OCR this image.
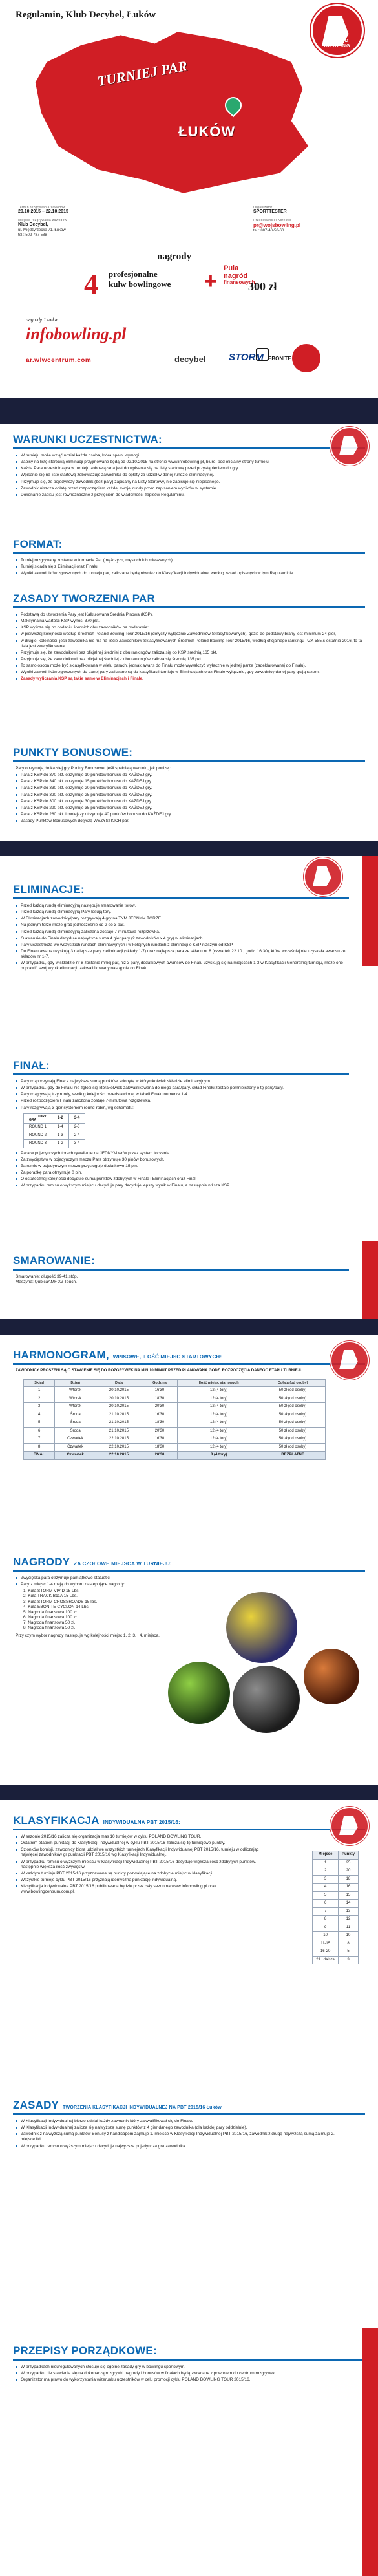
Regulamin, Klub Decybel, Łuków
POLAND BOWLING
TURNIEJ PAR
ŁUKÓW
Termin rozgrywania zawodów
20.10.2015 – 22.10.2015
Miejsce rozgrywania zawodów
Klub Decybel,
ul. Międzyrzecka 71, Łuków
tel.: 502 787 588
Organizator
SPORTTESTER
Przedstawiciel Korektor
pr@wojsbowling.pl
tel.: 887-40-50-60
nagrody
4 profesjonalne
kulw bowlingowe +
Pula
nagród
finansowych
300 zł
nagrody 1 ratka
infobowling.pl
ar.wlwcentrum.com	decybel STORM EBONITE
WARUNKI UCZESTNICTWA:
W turnieju może wziąć udział każda osoba, która spełni wymogi.
Zapisy na listę startową eliminacji przyjmowane będą od 02.10.2015 na stronie www.infobowling.pl, biuro, pod oficjalny strony turnieju.
Każda Para uczestnicząca w turnieju zobowiązana jest do wpisania się na listę startową przed przystąpieniem do gry.
Wpisanie się na listę startową zobowiązuje zawodnika do opłaty za udział w danej rundzie eliminacyjnej.
Przyjmuje się, że pojedynczy zawodnik (bez pary) zapisany na Listy Startowy, nie zapisuje się niepisanego.
Zawodnik uiszcza opłatę przed rozpoczęciem każdej swojej rundy przed zapisaniem wyników w systemie.
Dokonanie zapisu jest równoznaczne z przyjęciem do wiadomości zapisów Regulaminu.
FORMAT:
Turniej rozgrywany zostanie w formacie Par (mężczyzn, męskich lub mieszanych).
Turniej składa się z Eliminacji oraz Finału.
Wyniki zawodników zgłoszonych do turnieju par, zaliczane będą również do Klasyfikacji Indywidualnej według zasad opisanych w tym Regulaminie.
ZASADY TWORZENIA PAR
Podstawą do utworzenia Pary jest Kalkulowana Średnia Pinowa (KSP).
Maksymalna wartość KSP wynosi 370 pkt.
KSP wylicza się po dodaniu średnich obu zawodników na podstawie:
w pierwszej kolejności według Średnich Poland Bowling Tour 2015/16 (dotyczy wyłącznie Zawodników Sklasyfikowanych), gdzie do podstawy brany jest minimum 24 gier,
w drugiej kolejności, jeśli zawodnika nie ma na liście Zawodników Sklasyfikowanych Średnich Poland Bowling Tour 2015/16, według oficjalnego rankingu PZK 585.s ostatnia 2016, to ta lista jest zweryfikowana.
Przyjmuje się, że zawodnikowi bez oficjalnej średniej z obu rankingów zalicza się do KSP średnią 165 pkt.
Przyjmuje się, że zawodnikowi bez oficjalnej średniej z obu rankingów zalicza się średnią 135 pkt.
To samo osoba może być sklasyfikowana w wielu parach, jednak awans do Finału może wywalczyć wyłącznie w jednej parze (zadeklarowanej do Finału).
Wyniki zawodników zgłoszonych do danej pary zaliczane są do klasyfikacji turnieju w Eliminacjach oraz Finale wyłącznie, gdy zawodnicy danej pary grają razem.
Zasady wyliczania KSP są takie same w Eliminacjach i Finale.
PUNKTY BONUSOWE:
Pary otrzymują do każdej gry Punkty Bonusowe, jeśli spełniają warunki, jak poniżej:
Para z KSP do 370 pkt. otrzymuje 10 punktów bonusu do KAŻDEJ gry.
Para z KSP do 340 pkt. otrzymuje 15 punktów bonusu do KAŻDEJ gry.
Para z KSP do 330 pkt. otrzymuje 20 punktów bonusu do KAŻDEJ gry.
Para z KSP do 320 pkt. otrzymuje 25 punktów bonusu do KAŻDEJ gry.
Para z KSP do 300 pkt. otrzymuje 30 punktów bonusu do KAŻDEJ gry.
Para z KSP do 290 pkt. otrzymuje 35 punktów bonusu do KAŻDEJ gry.
Para z KSP do 280 pkt. i mniejszy otrzymuje 40 punktów bonusu do KAŻDEJ gry.
Zasady Punktów Bonusowych dotyczą WSZYSTKICH par.
ELIMINACJE:
Przed każdą rundą eliminacyjną następuje smarowanie torów.
Przed każdą rundą eliminacyjną Pary losują tory.
W Eliminacjach zawodnicy/pary rozgrywają 4 gry na TYM JEDNYM TORZE.
Na jednym torze może grać jednocześnie od 2 do 3 par.
Przed każdą rundą eliminacyjną zaliczana zostaje 7-minutowa rozgrzewka.
O awansie do Finału decyduje najwyższa suma 4 gier pary (2 zawodników x 4 gry) w eliminacjach.
Pary uczestniczą we wszystkich rundach eliminacyjnych i w kolejnych rundach z eliminacji o KSP niższym od KSP.
Do Finału awans uzyskują 3 najlepsze pary z eliminacji (składy 1-7) oraz najlepsza para ze składu nr 8 (czwartek 22.10., godz. 16:30), która wcześniej nie uzyskała awansu ze składów nr 1-7.
W przypadku, gdy w składzie nr 8 zostanie mniej par, niż 3 pary, dodatkowych awansów do Finału uzyskują się na miejscach 1-3 w Klasyfikacji Generalnej turnieju, może one poprawić swój wynik eliminacji, zakwalifikowany nastąpnie do Finału.
FINAŁ:
Pary rozpoczynają Finał z najwyższą sumą punktów, zdobytą w którymkolwiek składzie eliminacyjnym.
W przypadku, gdy do Finału nie zgłosi się którakolwiek zakwalifikowana do niego para/pary, skład Finału zostaje pomniejszony o tę parę/pary.
Pary rozgrywają trzy rundy, według kolejności przedstawionej w tabeli Finału numerze 1-4.
Przed rozpoczęciem Finału zaliczona zostaje 7-minutowa rozgrzewka.
Pary rozgrywają 3 gier systemem round-robin, wg schematu:
TORY
GRA	1-2	3-4
ROUND 1	1-4	2-3
ROUND 2	1-3	2-4
ROUND 3	1-2	3-4
Para w pojedynczych torach rywalizuje na JEDNYM wr/w przez system toczenia.
Za zwycięstwo w pojedynczym meczu Para otrzymuje 30 pinów bonusowych.
Za remis w pojedynczym meczu przysługuje dodatkowo 15 pin.
Za porażkę para otrzymuje 0 pin.
O ostatecznej kolejności decyduje suma punktów zdobytych w Finale i Eliminacjach oraz Final.
W przypadku remisu o wyższym miejscu decyduje pary decyduje lepszy wynik w Finału, a następnie niższa KSP.
SMAROWANIE:
Smarowanie: długość 39-41 stóp.
Maszyna: QubicaAMF XZ Touch.
HARMONOGRAM, WPISOWE, ILOŚĆ MIEJSC STARTOWYCH:
ZAWODNICY PROSZENI SĄ O STAWIENIE SIĘ DO ROZGRYWEK NA MIN 10 MINUT PRZED PLANOWANĄ GODZ. ROZPOCZĘCIA DANEGO ETAPU TURNIEJU.
Skład	Dzień	Data	Godzina	Ilość miejsc startowych	Opłata (od osoby)
1	Wtorek	20.10.2015	16'30	12 (4 tory)	50 zł (od osoby)
2	Wtorek	20.10.2015	18'30	12 (4 tory)	50 zł (od osoby)
3	Wtorek	20.10.2015	20'30	12 (4 tory)	50 zł (od osoby)
4	Środa	21.10.2015	16'30	12 (4 tory)	50 zł (od osoby)
5	Środa	21.10.2015	18'30	12 (4 tory)	50 zł (od osoby)
6	Środa	21.10.2015	20'30	12 (4 tory)	50 zł (od osoby)
7	Czwartek	22.10.2015	16'30	12 (4 tory)	50 zł (od osoby)
8	Czwartek	22.10.2015	18'30	12 (4 tory)	50 zł (od osoby)
FINAŁ	Czwartek	22.10.2015	20'30	8 (4 tory)	BEZPŁATNE
NAGRODY ZA CZOŁOWE MIEJSCA W TURNIEJU:
Zwycięska para otrzymuje pamiątkowe statuetki.
Pary z miejsc 1-4 mają do wyboru następujące nagrody:
1. Kula STORM VIVID 15 Lbs
2. Kula TRACK B11A 15 Lbs.
3. Kula STORM CROSSROADS 15 lbs.
4. Kula EBONITE CYCLON 14 Lbs.
5. Nagroda finansowa 100 zł.
6. Nagroda finansowa 100 zł.
7. Nagroda finansowa 50 zł.
8. Nagroda finansowa 50 zł.
Przy czym wybór nagrody następuje wg kolejności miejsc 1, 2, 3, i 4. miejsca.
KLASYFIKACJA INDYWIDUALNA PBT 2015/16:
W sezonie 2015/16 zalicza się organizacja mas 10 turniejów w cyklu POLAND BOWLING TOUR.
Ostatnim etapem punktacji do Klasyfikacji Indywidualnej w cyklu PBT 2015/16 zalicza się tę turniejowe punkty.
Członków komisji, zawodnicy biorą udział we wszystkich turniejach Klasyfikacji Indywidualnej PBT 2015/16, turnieju w odliczając najwięcej zawodników gr punktacji PBT 2015/16 wg Klasyfikacji Indywidualnej.
W przypadku remisu o wyższym miejscu w Klasyfikacji Indywidualnej PBT 2015/16 decyduje większa ilość zdobytych punktów, następnie większa ilość zwycięstw.
W każdym turnieju PBT 2015/16 przyznawane są punkty pozwalające na zdobycie miejsc w klasyfikacji.
Wszystkie turnieje cyklu PBT 2015/16 przyznają identyczną punktację indywidualną.
Klasyfikacja Indywidualna PBT 2015/16 publikowana będzie przez cały sezon na www.infobowling.pl oraz www.bowlingcentrum.com.pl.
Miejsce	Punkty
1	25
2	20
3	18
4	16
5	15
6	14
7	13
8	12
9	11
10	10
11-15	8
16-20	5
21 i dalsze	3
ZASADY TWORZENIA KLASYFIKACJI INDYWIDUALNEJ NA PBT 2015/16 Łuków
W Klasyfikacji Indywidualnej bierze udział każdy zawodnik który zakwalifikował się do Finału.
W Klasyfikacji Indywidualnej zalicza się najwyższą sumę punktów z 4 gier danego zawodnika (dla każdej pary oddzielnie).
Zawodnik z najwyższą sumą punktów Bonusy z handicapem zajmuje 1. miejsce w Klasyfikacji Indywidualnej PBT 2015/16, zawodnik z drugą najwyższą sumą zajmuje 2. miejsce itd.
W przypadku remisu o wyższym miejscu decyduje najwyższa pojedyncza gra zawodnika.
PRZEPISY PORZĄDKOWE:
W przypadkach nieuregulowanych stosuje się ogólne zasady gry w bowlingu sportowym.
W przypadku nie stawienia się na dokonaczą rozgrywki nagrody i bonusów w finałach będą zwracane z powrotem do centrum rozgrywek.
Organizator ma prawo do wykorzystania wizerunku uczestników w celu promocji cyklu POLAND BOWLING TOUR 2015/16.
